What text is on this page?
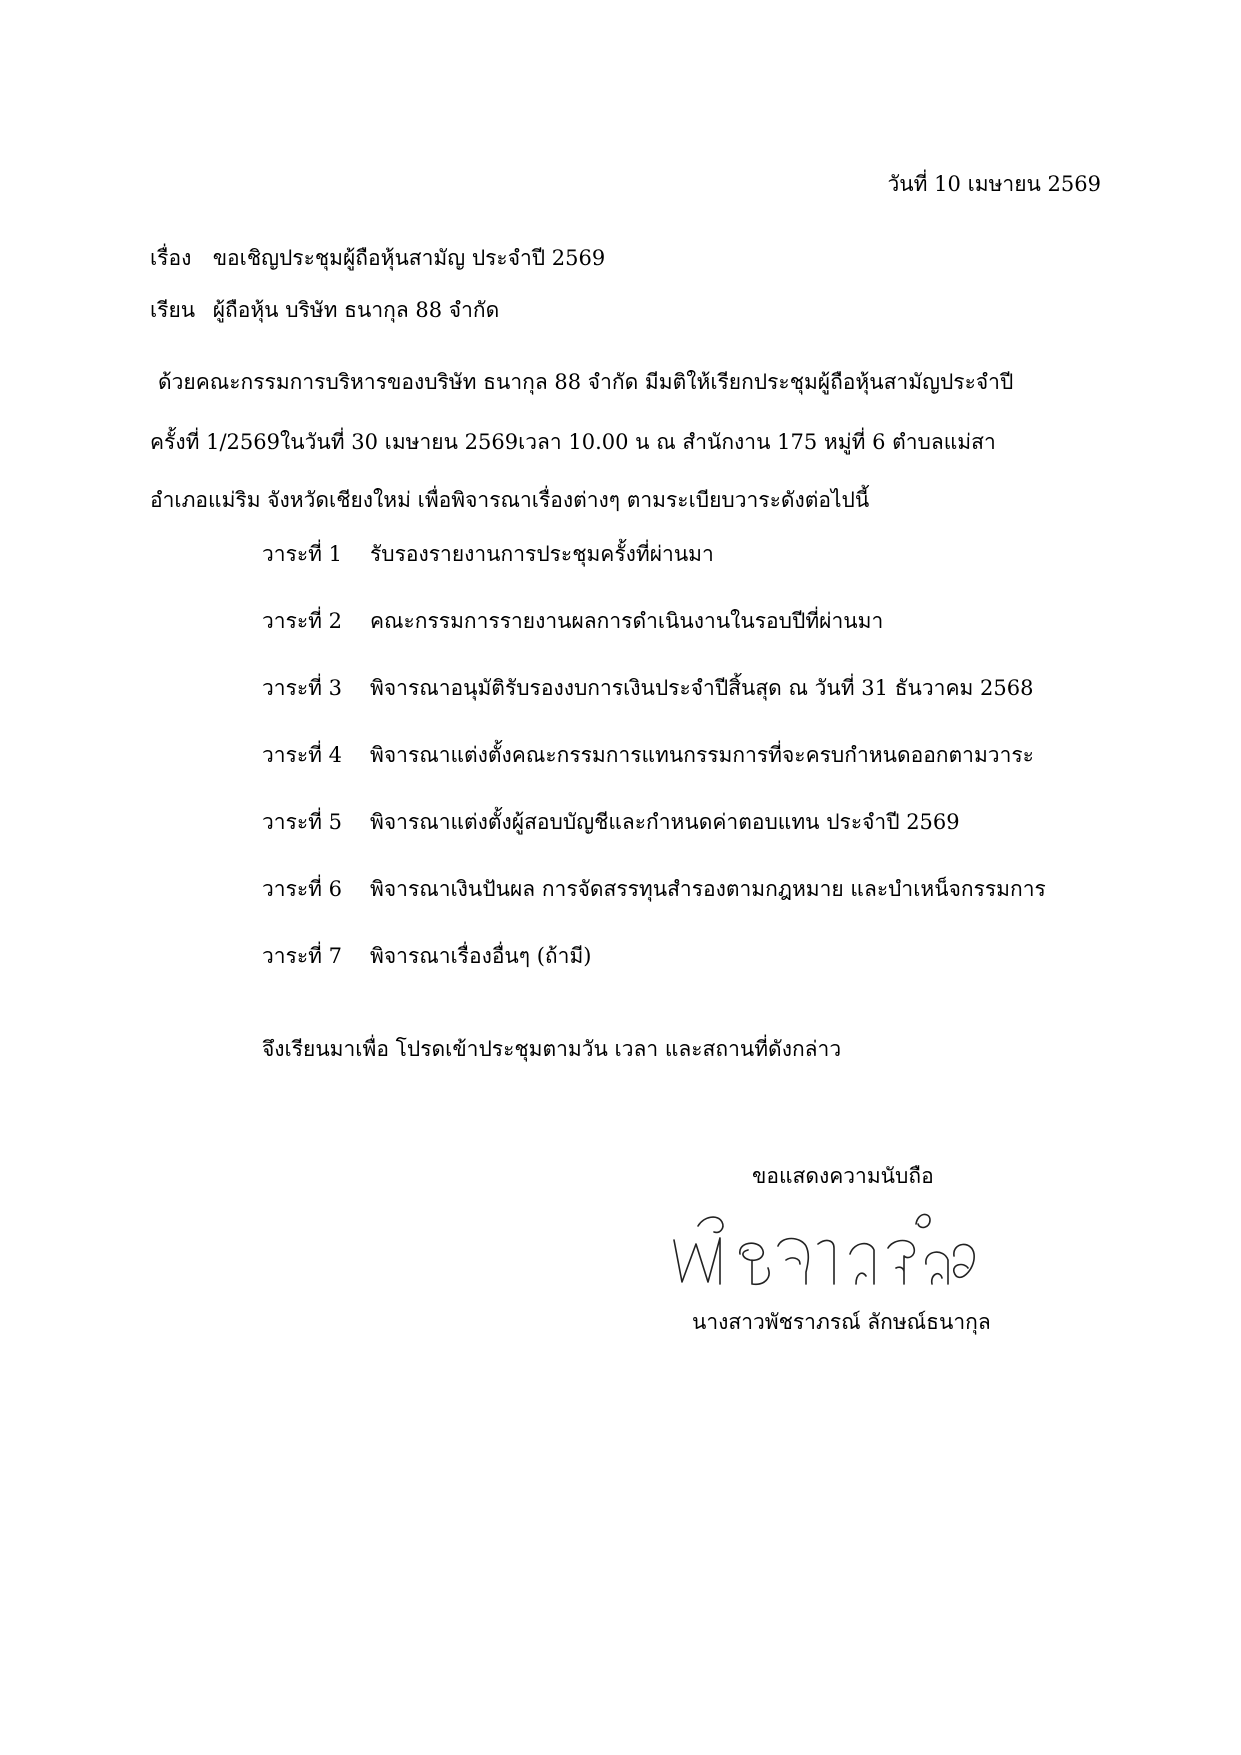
วันที่ 10 เมษายน 2569
เรื่อง ขอเชิญประชุมผู้ถือหุ้นสามัญ ประจำปี 2569
เรียน ผู้ถือหุ้น บริษัท ธนากุล 88 จำกัด
ด้วยคณะกรรมการบริหารของบริษัท ธนากุล 88 จำกัด มีมติให้เรียกประชุมผู้ถือหุ้นสามัญประจำปี
ครั้งที่ 1/2569ในวันที่ 30 เมษายน 2569เวลา 10.00 น ณ สำนักงาน 175 หมู่ที่ 6 ตำบลแม่สา
อำเภอแม่ริม จังหวัดเชียงใหม่ เพื่อพิจารณาเรื่องต่างๆ ตามระเบียบวาระดังต่อไปนี้
วาระที่ 1 รับรองรายงานการประชุมครั้งที่ผ่านมา
วาระที่ 2 คณะกรรมการรายงานผลการดำเนินงานในรอบปีที่ผ่านมา
วาระที่ 3 พิจารณาอนุมัติรับรองงบการเงินประจำปีสิ้นสุด ณ วันที่ 31 ธันวาคม 2568
วาระที่ 4 พิจารณาแต่งตั้งคณะกรรมการแทนกรรมการที่จะครบกำหนดออกตามวาระ
วาระที่ 5 พิจารณาแต่งตั้งผู้สอบบัญชีและกำหนดค่าตอบแทน ประจำปี 2569
วาระที่ 6 พิจารณาเงินปันผล การจัดสรรทุนสำรองตามกฎหมาย และบำเหน็จกรรมการ
วาระที่ 7 พิจารณาเรื่องอื่นๆ (ถ้ามี)
จึงเรียนมาเพื่อ โปรดเข้าประชุมตามวัน เวลา และสถานที่ดังกล่าว
ขอแสดงความนับถือ
นางสาวพัชราภรณ์ ลักษณ์ธนากุล
